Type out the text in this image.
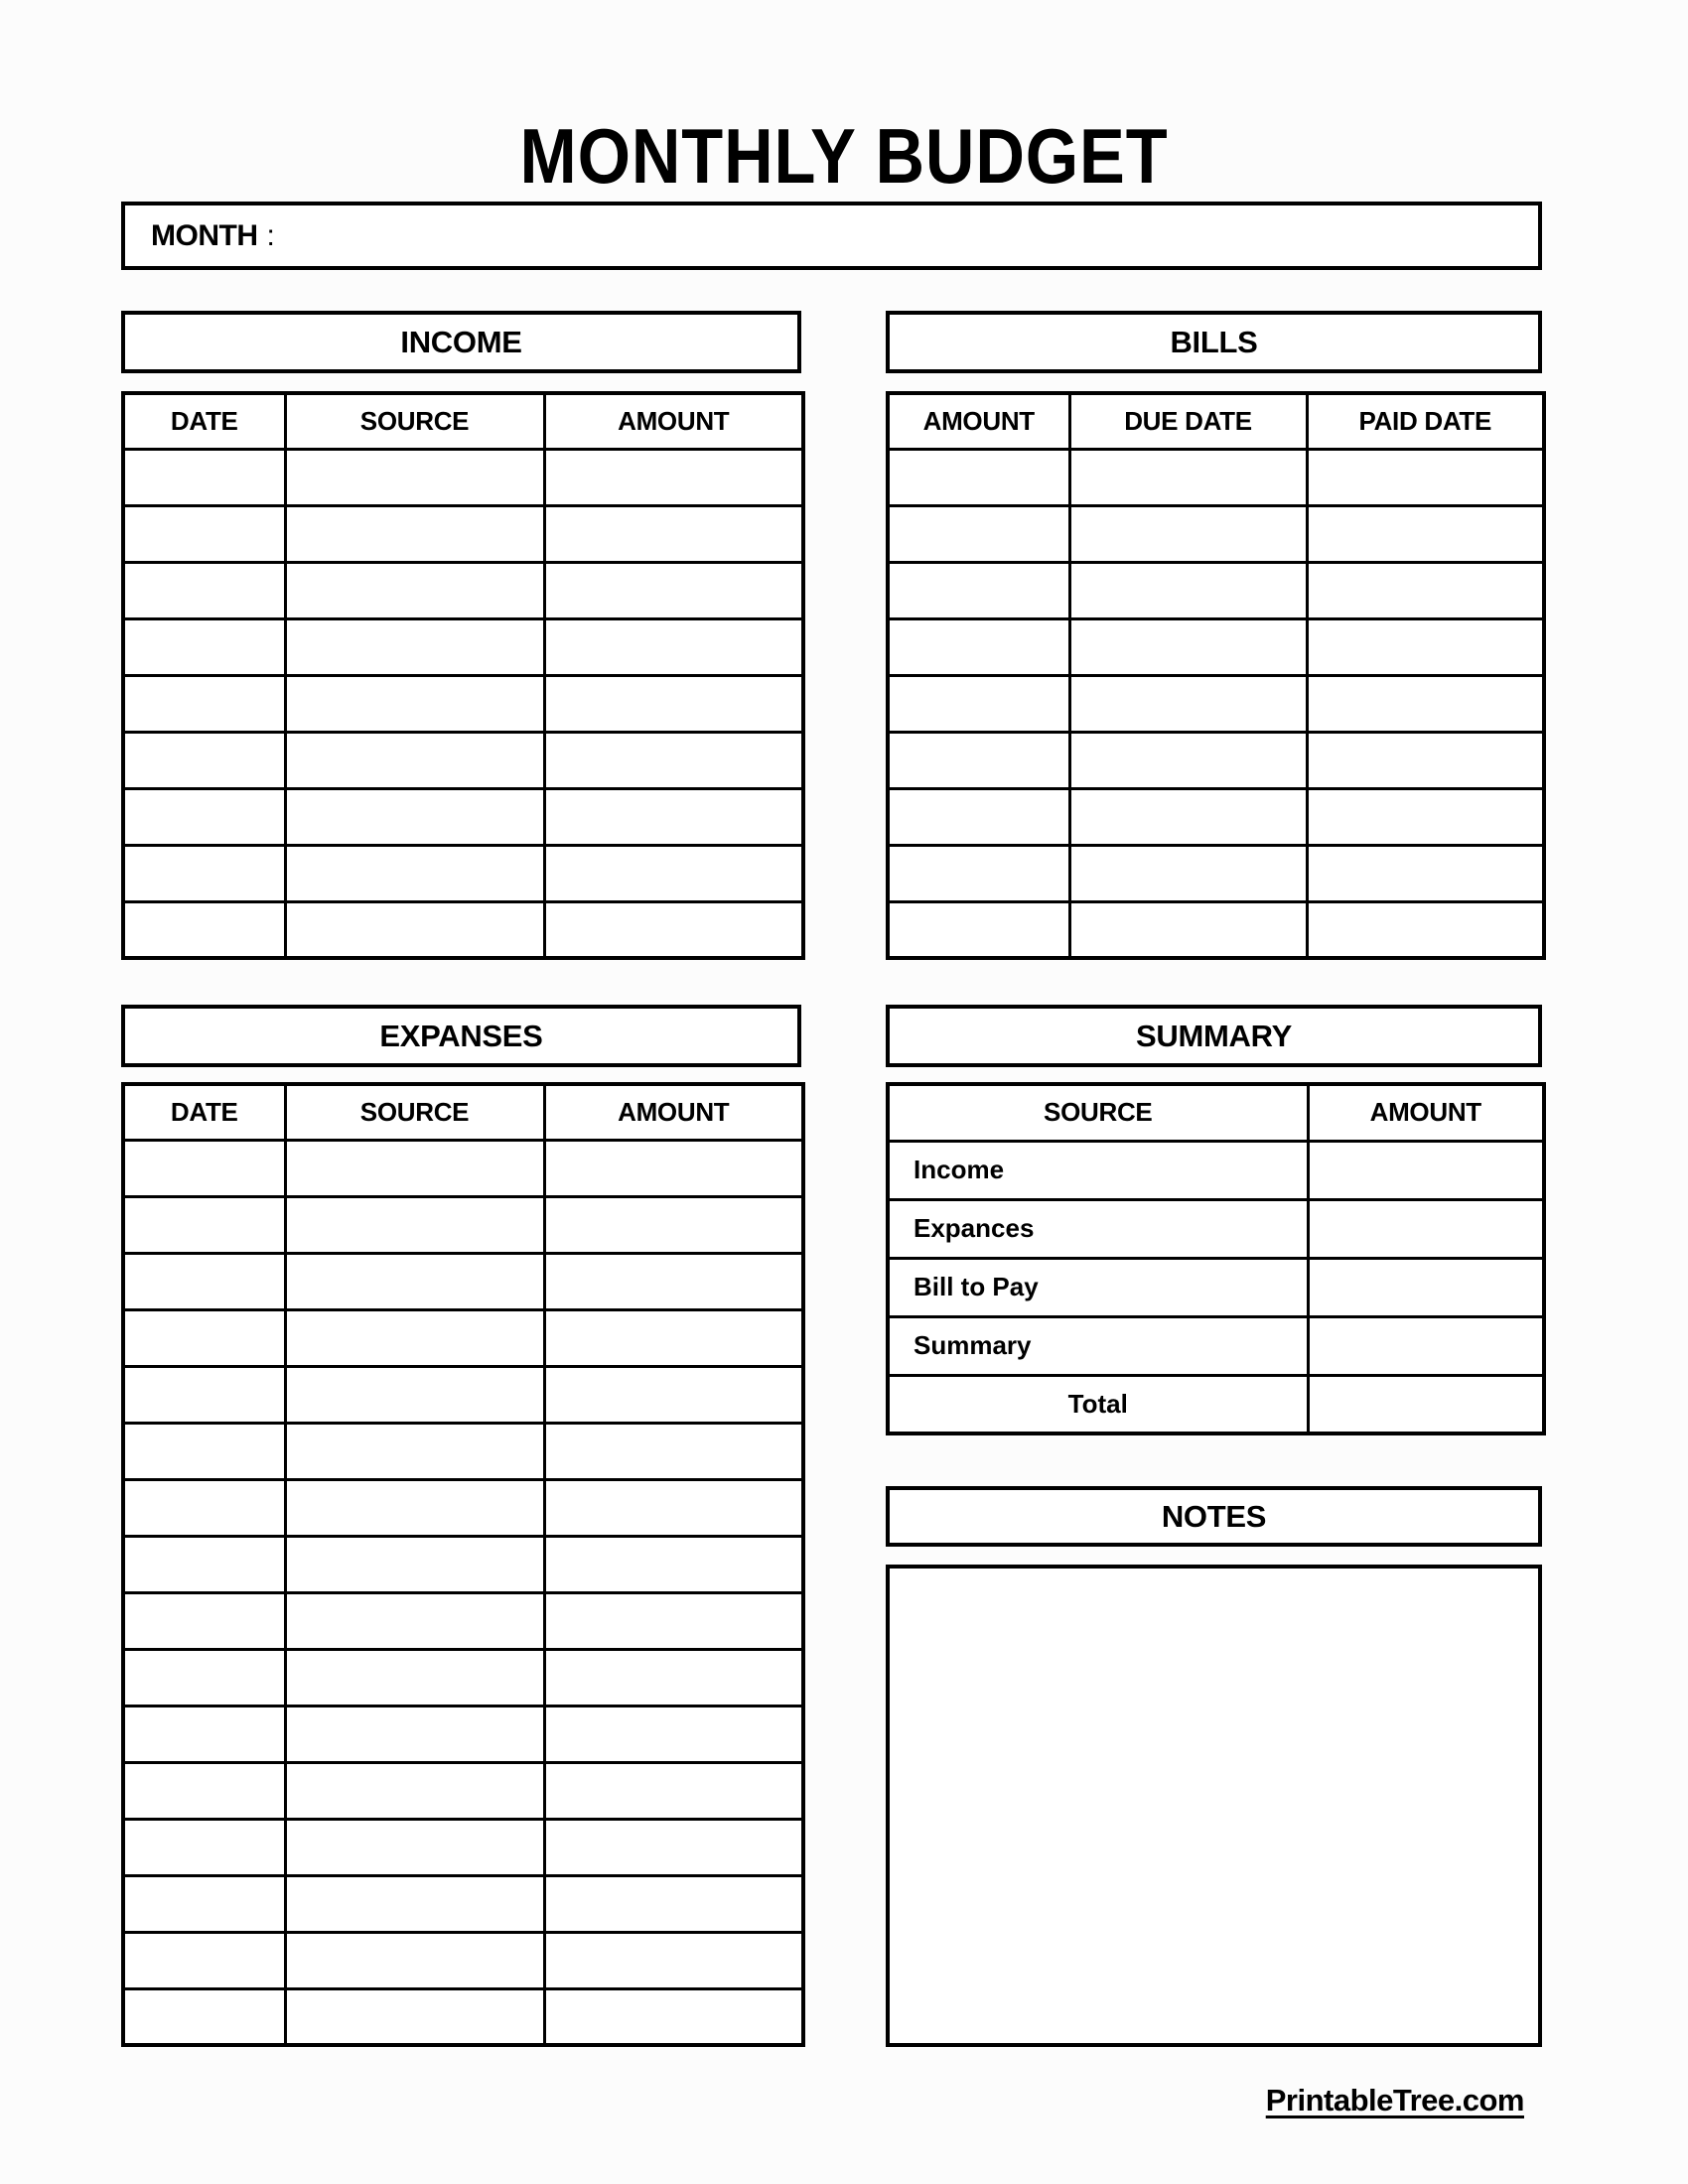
MONTHLY BUDGET
MONTH :
INCOME
DATE	SOURCE	AMOUNT

BILLS
AMOUNT	DUE DATE	PAID DATE

EXPANSES
DATE	SOURCE	AMOUNT

SUMMARY
SOURCE	AMOUNT
Income	
Expances	
Bill to Pay	
Summary	
Total	
NOTES
PrintableTree.com
